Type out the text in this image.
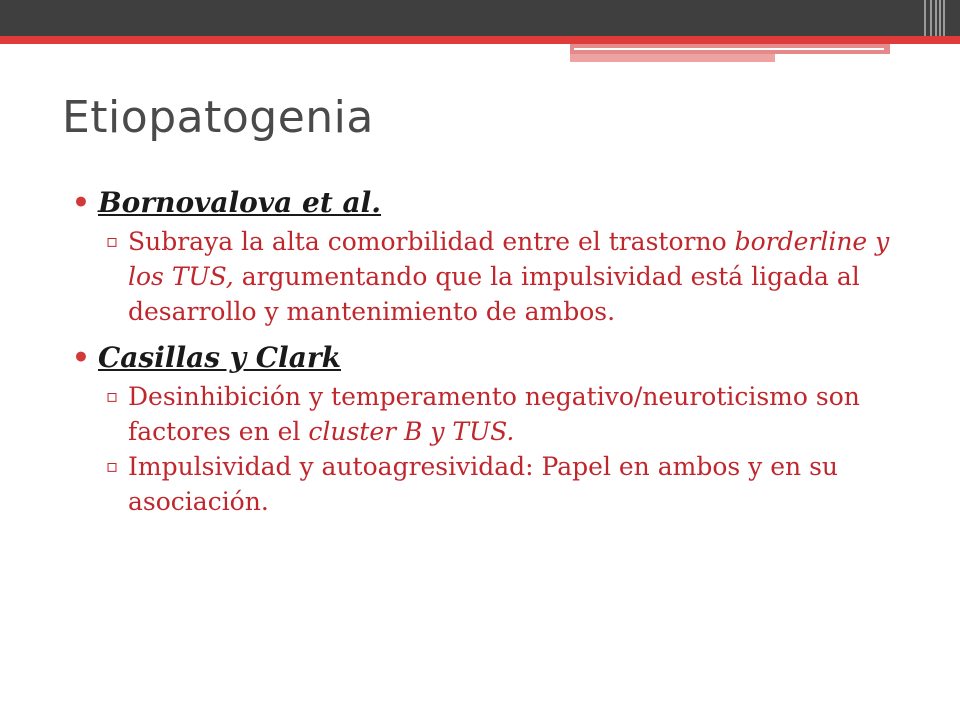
Etiopatogenia

• Bornovalova et al.

▫ Subraya la alta comorbilidad entre el trastorno borderline y los TUS, argumentando que la impulsividad está ligada al desarrollo y mantenimiento de ambos.

• Casillas y Clark

▫ Desinhibición y temperamento negativo/neuroticismo son factores en el cluster B y TUS.

▫ Impulsividad y autoagresividad: Papel en ambos y en su asociación.
